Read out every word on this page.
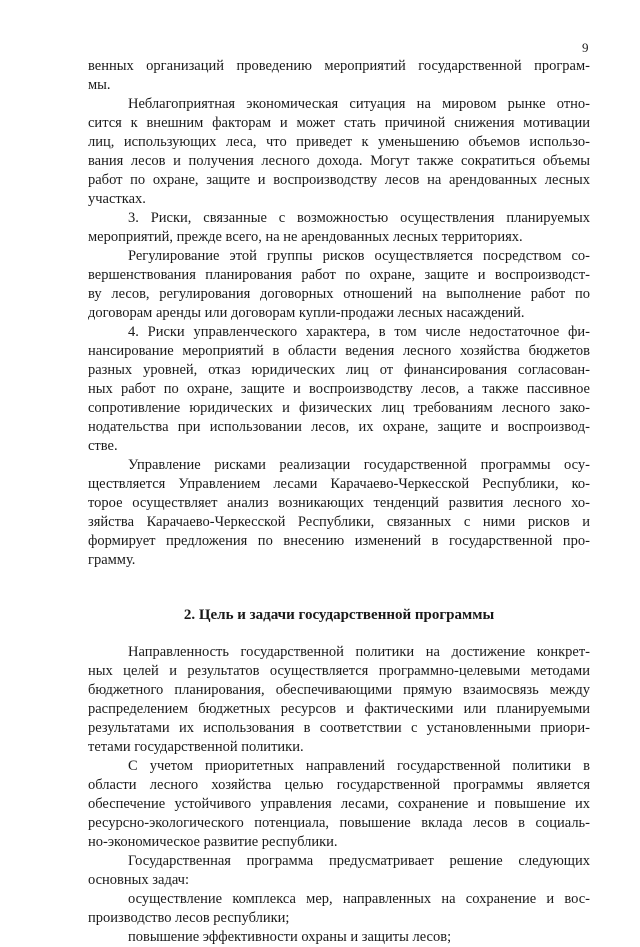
9

венных организаций проведению мероприятий государственной програм-
мы.

Неблагоприятная экономическая ситуация на мировом рынке отно-
сится к внешним факторам и может стать причиной снижения мотивации
лиц, использующих леса, что приведет к уменьшению объемов использо-
вания лесов и получения лесного дохода. Могут также сократиться объемы
работ по охране, защите и воспроизводству лесов на арендованных лесных
участках.

3. Риски, связанные с возможностью осуществления планируемых
мероприятий, прежде всего, на не арендованных лесных территориях.

Регулирование этой группы рисков осуществляется посредством со-
вершенствования планирования работ по охране, защите и воспроизводст-
ву лесов, регулирования договорных отношений на выполнение работ по
договорам аренды или договорам купли-продажи лесных насаждений.

4. Риски управленческого характера, в том числе недостаточное фи-
нансирование мероприятий в области ведения лесного хозяйства бюджетов
разных уровней, отказ юридических лиц от финансирования согласован-
ных работ по охране, защите и воспроизводству лесов, а также пассивное
сопротивление юридических и физических лиц требованиям лесного зако-
нодательства при использовании лесов, их охране, защите и воспроизвод-
стве.

Управление рисками реализации государственной программы осу-
ществляется Управлением лесами Карачаево-Черкесской Республики, ко-
торое осуществляет анализ возникающих тенденций развития лесного хо-
зяйства Карачаево-Черкесской Республики, связанных с ними рисков и
формирует предложения по внесению изменений в государственной про-
грамму.

2. Цель и задачи государственной программы

Направленность государственной политики на достижение конкрет-
ных целей и результатов осуществляется программно-целевыми методами
бюджетного планирования, обеспечивающими прямую взаимосвязь между
распределением бюджетных ресурсов и фактическими или планируемыми
результатами их использования в соответствии с установленными приори-
тетами государственной политики.

С учетом приоритетных направлений государственной политики в
области лесного хозяйства целью государственной программы является
обеспечение устойчивого управления лесами, сохранение и повышение их
ресурсно-экологического потенциала, повышение вклада лесов в социаль-
но-экономическое развитие республики.

Государственная программа предусматривает решение следующих
основных задач:

осуществление комплекса мер, направленных на сохранение и вос-
производство лесов республики;

повышение эффективности охраны и защиты лесов;
